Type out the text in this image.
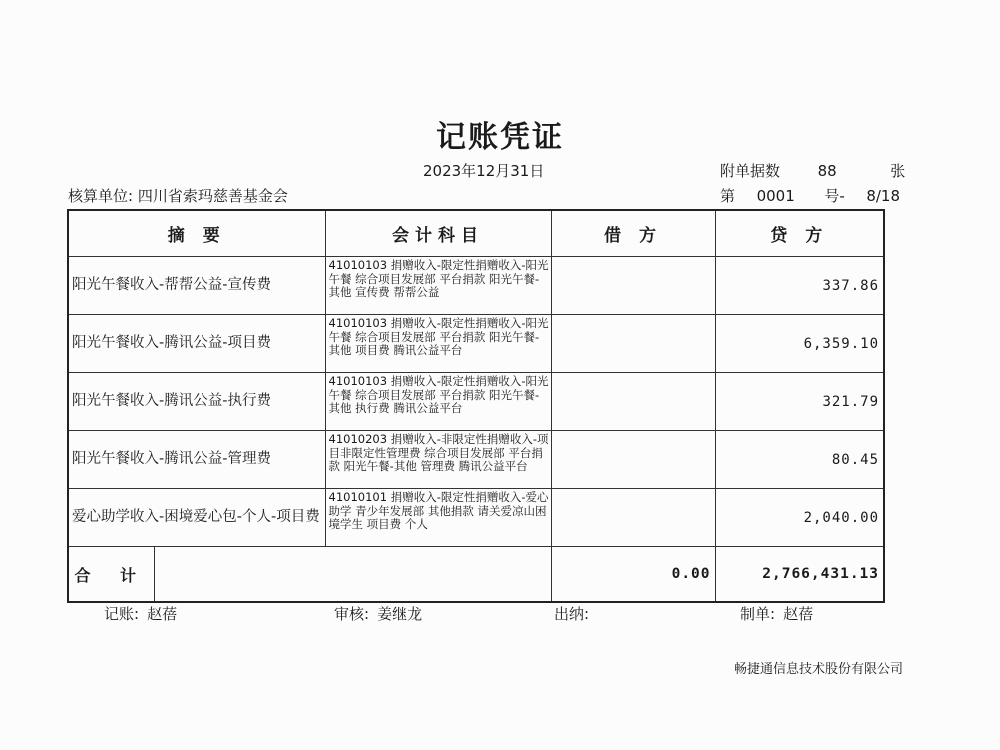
记账凭证
2023年12月31日
核算单位: 四川省索玛慈善基金会
附单据数	88	张
第 0001 号- 8/18
摘 要		会计科目	借 方	贷 方
阳光午餐收入-帮帮公益-宣传费		41010103 捐赠收入-限定性捐赠收入-阳光午餐 综合项目发展部 平台捐款 阳光午餐-其他 宣传费 帮帮公益		337.86
阳光午餐收入-腾讯公益-项目费		41010103 捐赠收入-限定性捐赠收入-阳光午餐 综合项目发展部 平台捐款 阳光午餐-其他 项目费 腾讯公益平台		6,359.10
阳光午餐收入-腾讯公益-执行费		41010103 捐赠收入-限定性捐赠收入-阳光午餐 综合项目发展部 平台捐款 阳光午餐-其他 执行费 腾讯公益平台		321.79
阳光午餐收入-腾讯公益-管理费		41010203 捐赠收入-非限定性捐赠收入-项目非限定性管理费 综合项目发展部 平台捐款 阳光午餐-其他 管理费 腾讯公益平台		80.45
爱心助学收入-困境爱心包-个人-项目费		41010101 捐赠收入-限定性捐赠收入-爱心助学 青少年发展部 其他捐款 请关爱凉山困境学生 项目费 个人		2,040.00
合 计			0.00	2,766,431.13
记账: 赵蓓	审核: 姜继龙	出纳:	制单: 赵蓓
畅捷通信息技术股份有限公司
